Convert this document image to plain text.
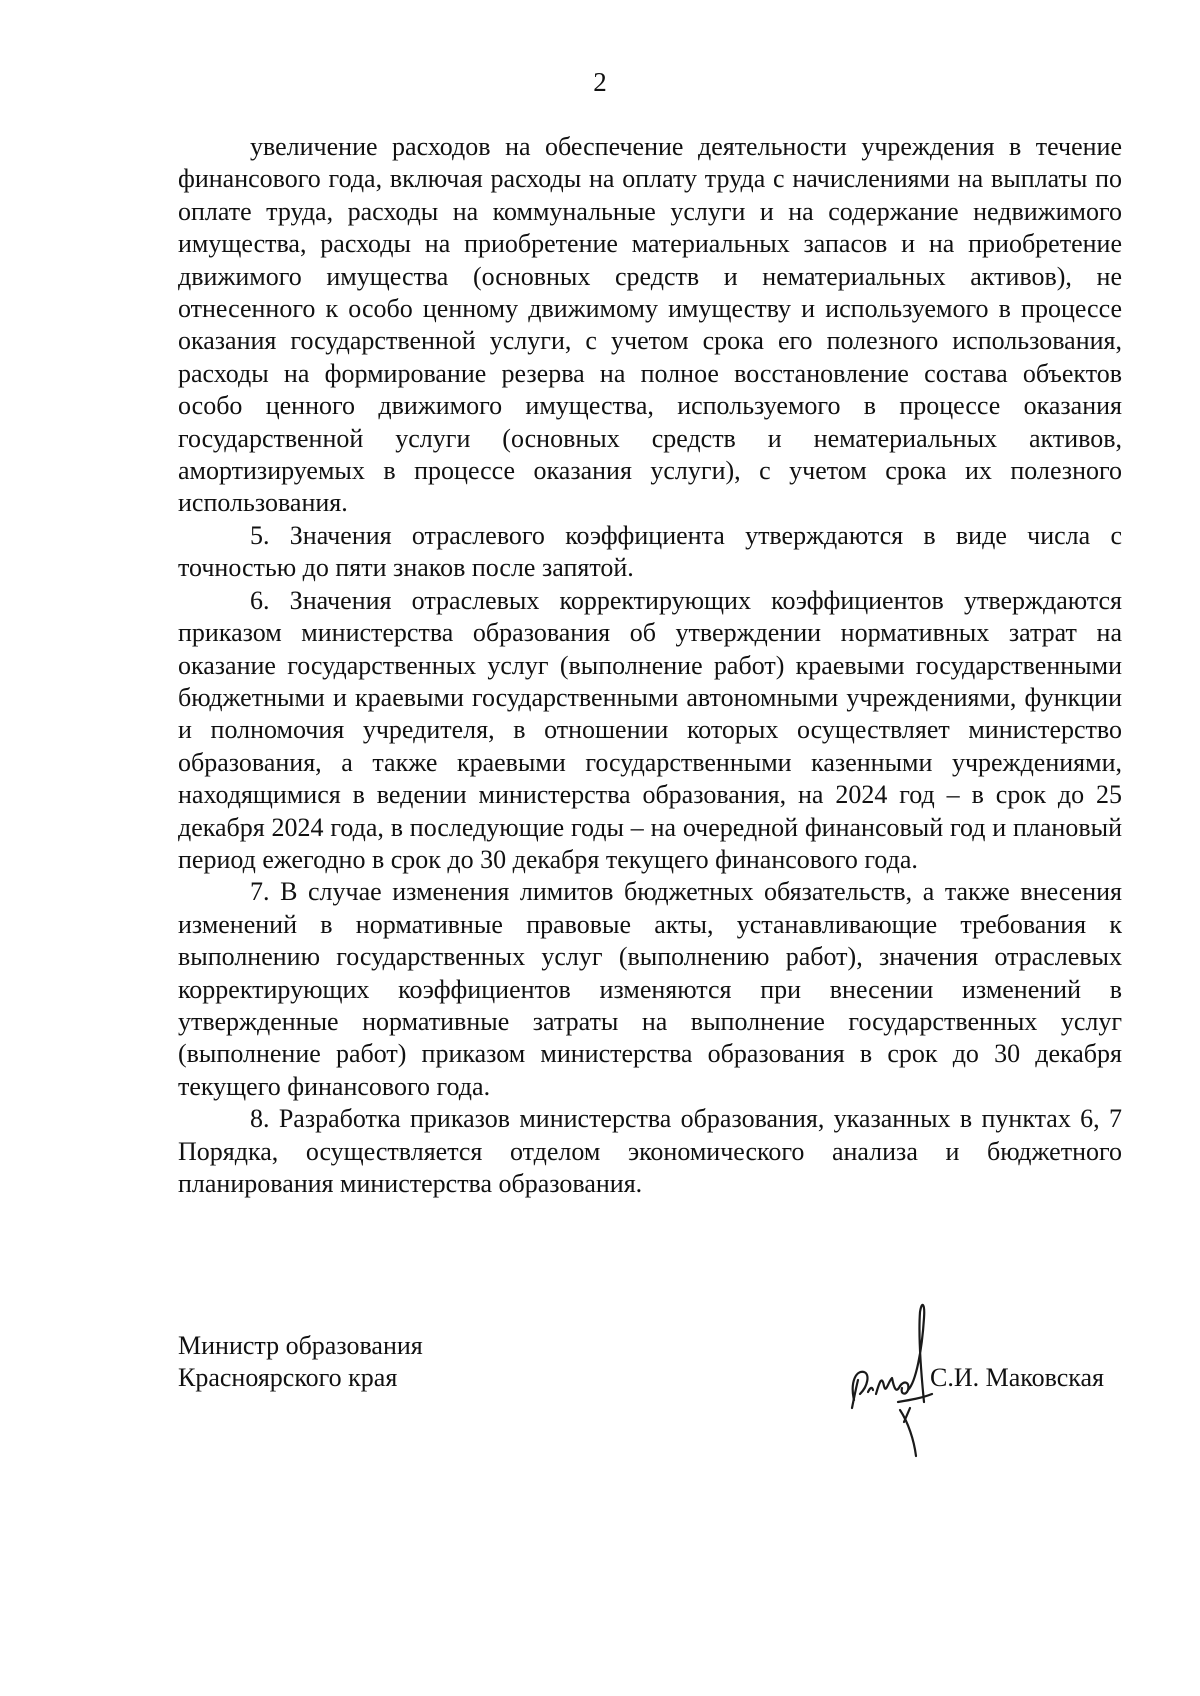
2

увеличение расходов на обеспечение деятельности учреждения в течение финансового года, включая расходы на оплату труда с начислениями на выплаты по оплате труда, расходы на коммунальные услуги и на содержание недвижимого имущества, расходы на приобретение материальных запасов и на приобретение движимого имущества (основных средств и нематериальных активов), не отнесенного к особо ценному движимому имуществу и используемого в процессе оказания государственной услуги, с учетом срока его полезного использования, расходы на формирование резерва на полное восстановление состава объектов особо ценного движимого имущества, используемого в процессе оказания государственной услуги (основных средств и нематериальных активов, амортизируемых в процессе оказания услуги), с учетом срока их полезного использования.

5. Значения отраслевого коэффициента утверждаются в виде числа с точностью до пяти знаков после запятой.

6. Значения отраслевых корректирующих коэффициентов утверждаются приказом министерства образования об утверждении нормативных затрат на оказание государственных услуг (выполнение работ) краевыми государственными бюджетными и краевыми государственными автономными учреждениями, функции и полномочия учредителя, в отношении которых осуществляет министерство образования, а также краевыми государственными казенными учреждениями, находящимися в ведении министерства образования, на 2024 год – в срок до 25 декабря 2024 года, в последующие годы – на очередной финансовый год и плановый период ежегодно в срок до 30 декабря текущего финансового года.

7. В случае изменения лимитов бюджетных обязательств, а также внесения изменений в нормативные правовые акты, устанавливающие требования к выполнению государственных услуг (выполнению работ), значения отраслевых корректирующих коэффициентов изменяются при внесении изменений в утвержденные нормативные затраты на выполнение государственных услуг (выполнение работ) приказом министерства образования в срок до 30 декабря текущего финансового года.

8. Разработка приказов министерства образования, указанных в пунктах 6, 7 Порядка, осуществляется отделом экономического анализа и бюджетного планирования министерства образования.

Министр образования
Красноярского края	С.И. Маковская
